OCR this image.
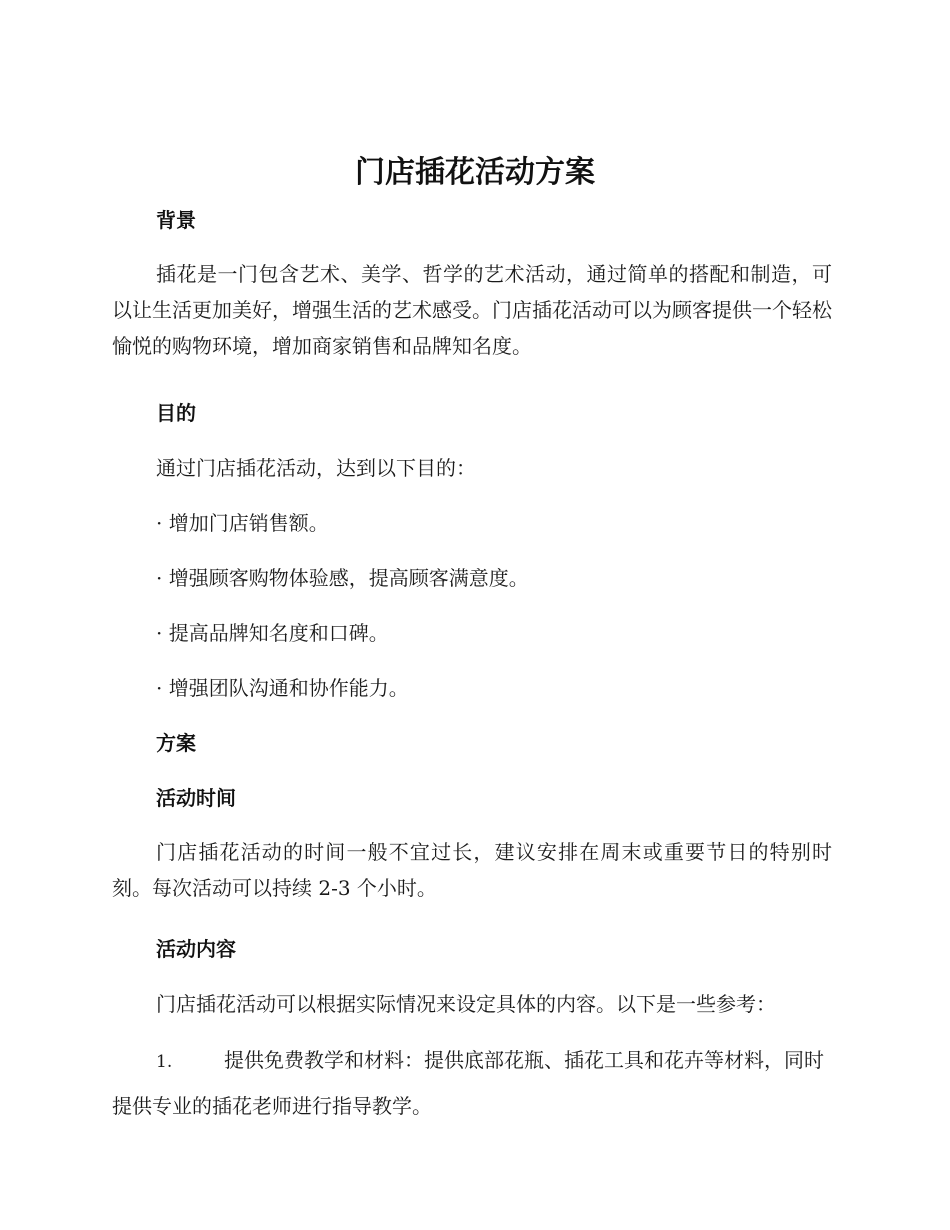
门店插花活动方案
背景
插花是一门包含艺术、美学、哲学的艺术活动，通过简单的搭配和制造，可以让生活更加美好，增强生活的艺术感受。门店插花活动可以为顾客提供一个轻松愉悦的购物环境，增加商家销售和品牌知名度。
目的
通过门店插花活动，达到以下目的：
· 增加门店销售额。
· 增强顾客购物体验感，提高顾客满意度。
· 提高品牌知名度和口碑。
· 增强团队沟通和协作能力。
方案
活动时间
门店插花活动的时间一般不宜过长，建议安排在周末或重要节日的特别时刻。每次活动可以持续 2-3 个小时。
活动内容
门店插花活动可以根据实际情况来设定具体的内容。以下是一些参考：
1.	提供免费教学和材料：提供底部花瓶、插花工具和花卉等材料，同时提供专业的插花老师进行指导教学。
